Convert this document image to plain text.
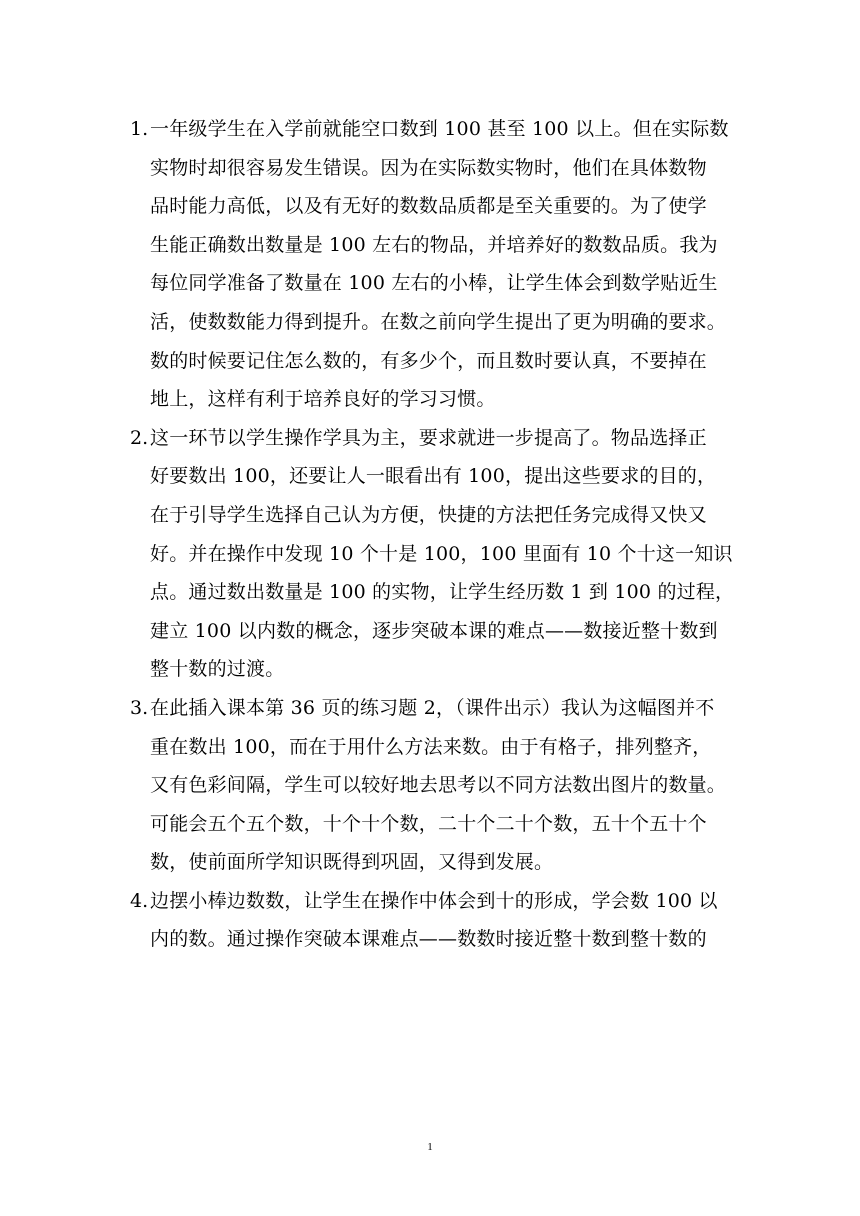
1. 一年级学生在入学前就能空口数到 100 甚至 100 以上。但在实际数
实物时却很容易发生错误。因为在实际数实物时，他们在具体数物
品时能力高低，以及有无好的数数品质都是至关重要的。为了使学
生能正确数出数量是 100 左右的物品，并培养好的数数品质。我为
每位同学准备了数量在 100 左右的小棒，让学生体会到数学贴近生
活，使数数能力得到提升。在数之前向学生提出了更为明确的要求。
数的时候要记住怎么数的，有多少个，而且数时要认真，不要掉在
地上，这样有利于培养良好的学习习惯。
2. 这一环节以学生操作学具为主，要求就进一步提高了。物品选择正
好要数出 100，还要让人一眼看出有 100，提出这些要求的目的，
在于引导学生选择自己认为方便，快捷的方法把任务完成得又快又
好。并在操作中发现 10 个十是 100，100 里面有 10 个十这一知识
点。通过数出数量是 100 的实物，让学生经历数 1 到 100 的过程，
建立 100 以内数的概念，逐步突破本课的难点——数接近整十数到
整十数的过渡。
3. 在此插入课本第 36 页的练习题 2，（课件出示）我认为这幅图并不
重在数出 100，而在于用什么方法来数。由于有格子，排列整齐，
又有色彩间隔，学生可以较好地去思考以不同方法数出图片的数量。
可能会五个五个数，十个十个数，二十个二十个数，五十个五十个
数，使前面所学知识既得到巩固，又得到发展。
4. 边摆小棒边数数，让学生在操作中体会到十的形成，学会数 100 以
内的数。通过操作突破本课难点——数数时接近整十数到整十数的
1
